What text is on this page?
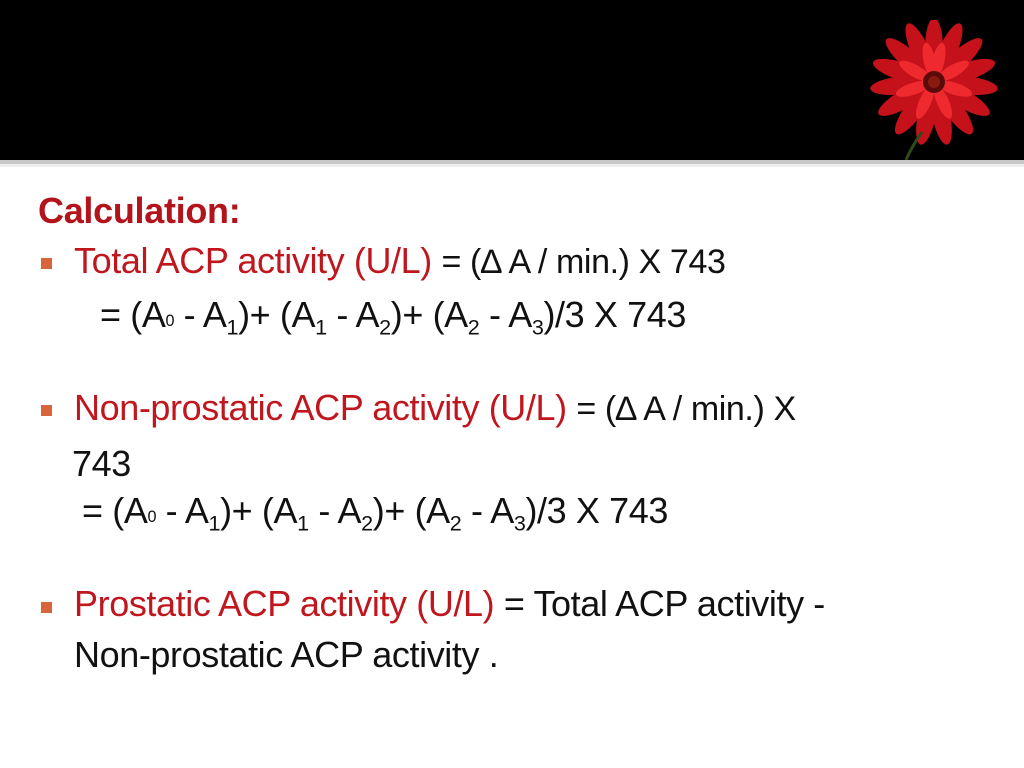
Calculation:
Total ACP activity (U/L) = (∆ A / min.) X 743
= $(A0 - A_1)+ (A_1 - A_2)+ (A_2 - A_3)/3$ X 743
Non-prostatic ACP activity (U/L) = (∆ A / min.) X
743
= $(A0 - A_1)+ (A_1 - A_2)+ (A_2 - A_3)/3$ X 743
Prostatic ACP activity (U/L) = Total ACP activity -
Non-prostatic ACP activity .
